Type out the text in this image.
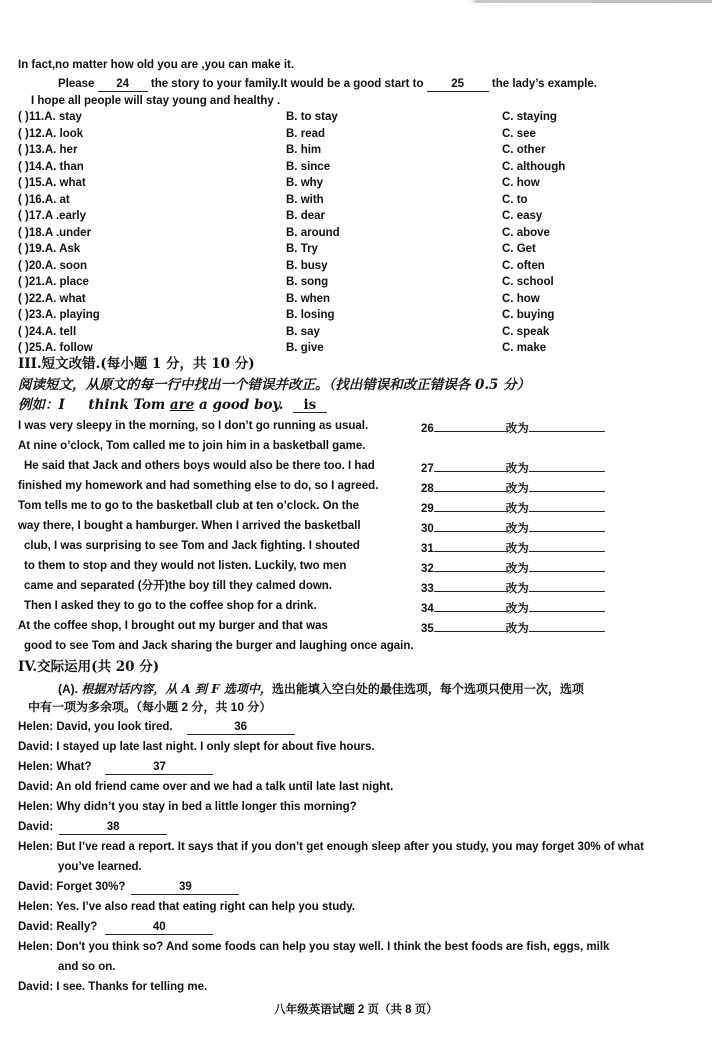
In fact,no matter how old you are ,you can make it.
Please 24 the story to your family.It would be a good start to 25 the lady’s example.
I hope all people will stay young and healthy .
( )11.A. stay	B. to stay	C. staying
( )12.A. look	B. read	C. see
( )13.A. her	B. him	C. other
( )14.A. than	B. since	C. although
( )15.A. what	B. why	C. how
( )16.A. at	B. with	C. to
( )17.A .early	B. dear	C. easy
( )18.A .under	B. around	C. above
( )19.A. Ask	B. Try	C. Get
( )20.A. soon	B. busy	C. often
( )21.A. place	B. song	C. school
( )22.A. what	B. when	C. how
( )23.A. playing	B. losing	C. buying
( )24.A. tell	B. say	C. speak
( )25.A. follow	B. give	C. make
III.短文改错.(每小题 1 分，共 10 分)
阅读短文，从原文的每一行中找出一个错误并改正。（找出错误和改正错误各 0.5 分）
例如：I think Tom are a good boy. is
I was very sleepy in the morning, so I don’t go running as usual.	26	改为
At nine o’clock, Tom called me to join him in a basketball game.
He said that Jack and others boys would also be there too. I had	27	改为
finished my homework and had something else to do, so I agreed.	28	改为
Tom tells me to go to the basketball club at ten o’clock. On the	29	改为
way there, I bought a hamburger. When I arrived the basketball	30	改为
club, I was surprising to see Tom and Jack fighting. I shouted	31	改为
to them to stop and they would not listen. Luckily, two men	32	改为
came and separated (分开)the boy till they calmed down.	33	改为
Then I asked they to go to the coffee shop for a drink.	34	改为
At the coffee shop, I brought out my burger and that was	35	改为
good to see Tom and Jack sharing the burger and laughing once again.
IV.交际运用(共 20 分)
(A). 根据对话内容，从 A 到 F 选项中，选出能填入空白处的最佳选项，每个选项只使用一次，选项
中有一项为多余项。（每小题 2 分，共 10 分）
Helen: David, you look tired.	36
David: I stayed up late last night. I only slept for about five hours.
Helen: What?	37
David: An old friend came over and we had a talk until late last night.
Helen: Why didn’t you stay in bed a little longer this morning?
David:	38
Helen: But I’ve read a report. It says that if you don’t get enough sleep after you study, you may forget 30% of what
you’ve learned.
David: Forget 30%?	39
Helen: Yes. I’ve also read that eating right can help you study.
David: Really?	40
Helen: Don't you think so? And some foods can help you stay well. I think the best foods are fish, eggs, milk
and so on.
David: I see. Thanks for telling me.
八年级英语试题 2 页（共 8 页）
